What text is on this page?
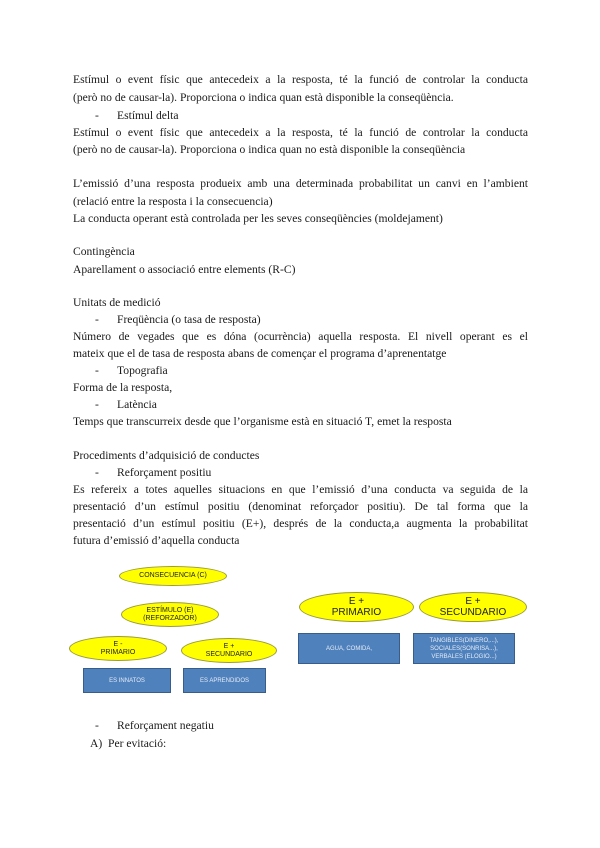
Estímul o event físic que antecedeix a la resposta, té la funció de controlar la conducta
(però no de causar-la). Proporciona o indica quan està disponible la conseqüència.
- Estímul delta
Estímul o event físic que antecedeix a la resposta, té la funció de controlar la conducta
(però no de causar-la). Proporciona o indica quan no està disponible la conseqüència
L’emissió d’una resposta produeix amb una determinada probabilitat un canvi en l’ambient
(relació entre la resposta i la consecuencia)
La conducta operant està controlada per les seves conseqüències (moldejament)
Contingència
Aparellament o associació entre elements (R-C)
Unitats de medició
- Freqüència (o tasa de resposta)
Número de vegades que es dóna (ocurrència) aquella resposta. El nivell operant es el
mateix que el de tasa de resposta abans de començar el programa d’aprenentatge
- Topografia
Forma de la resposta,
- Latència
Temps que transcurreix desde que l’organisme està en situació T, emet la resposta
Procediments d’adquisició de conductes
- Reforçament positiu
Es refereix a totes aquelles situacions en que l’emissió d’una conducta va seguida de la
presentació d’un estímul positiu (denominat reforçador positiu). De tal forma que la
presentació d’un estímul positiu (E+), després de la conducta,a augmenta la probabilitat
futura d’emissió d’aquella conducta
CONSECUENCIA (C)
ESTÍMULO (E)
(REFORZADOR)
E -
PRIMARIO
E +
SECUNDARIO
ES INNATOS	ES APRENDIDOS
E +
PRIMARIO
E +
SECUNDARIO
AGUA, COMIDA,
TANGIBLES(DINERO,...),
SOCIALES(SONRISA...),
VERBALES (ELOGIO...)
- Reforçament negatiu
A) Per evitació:
